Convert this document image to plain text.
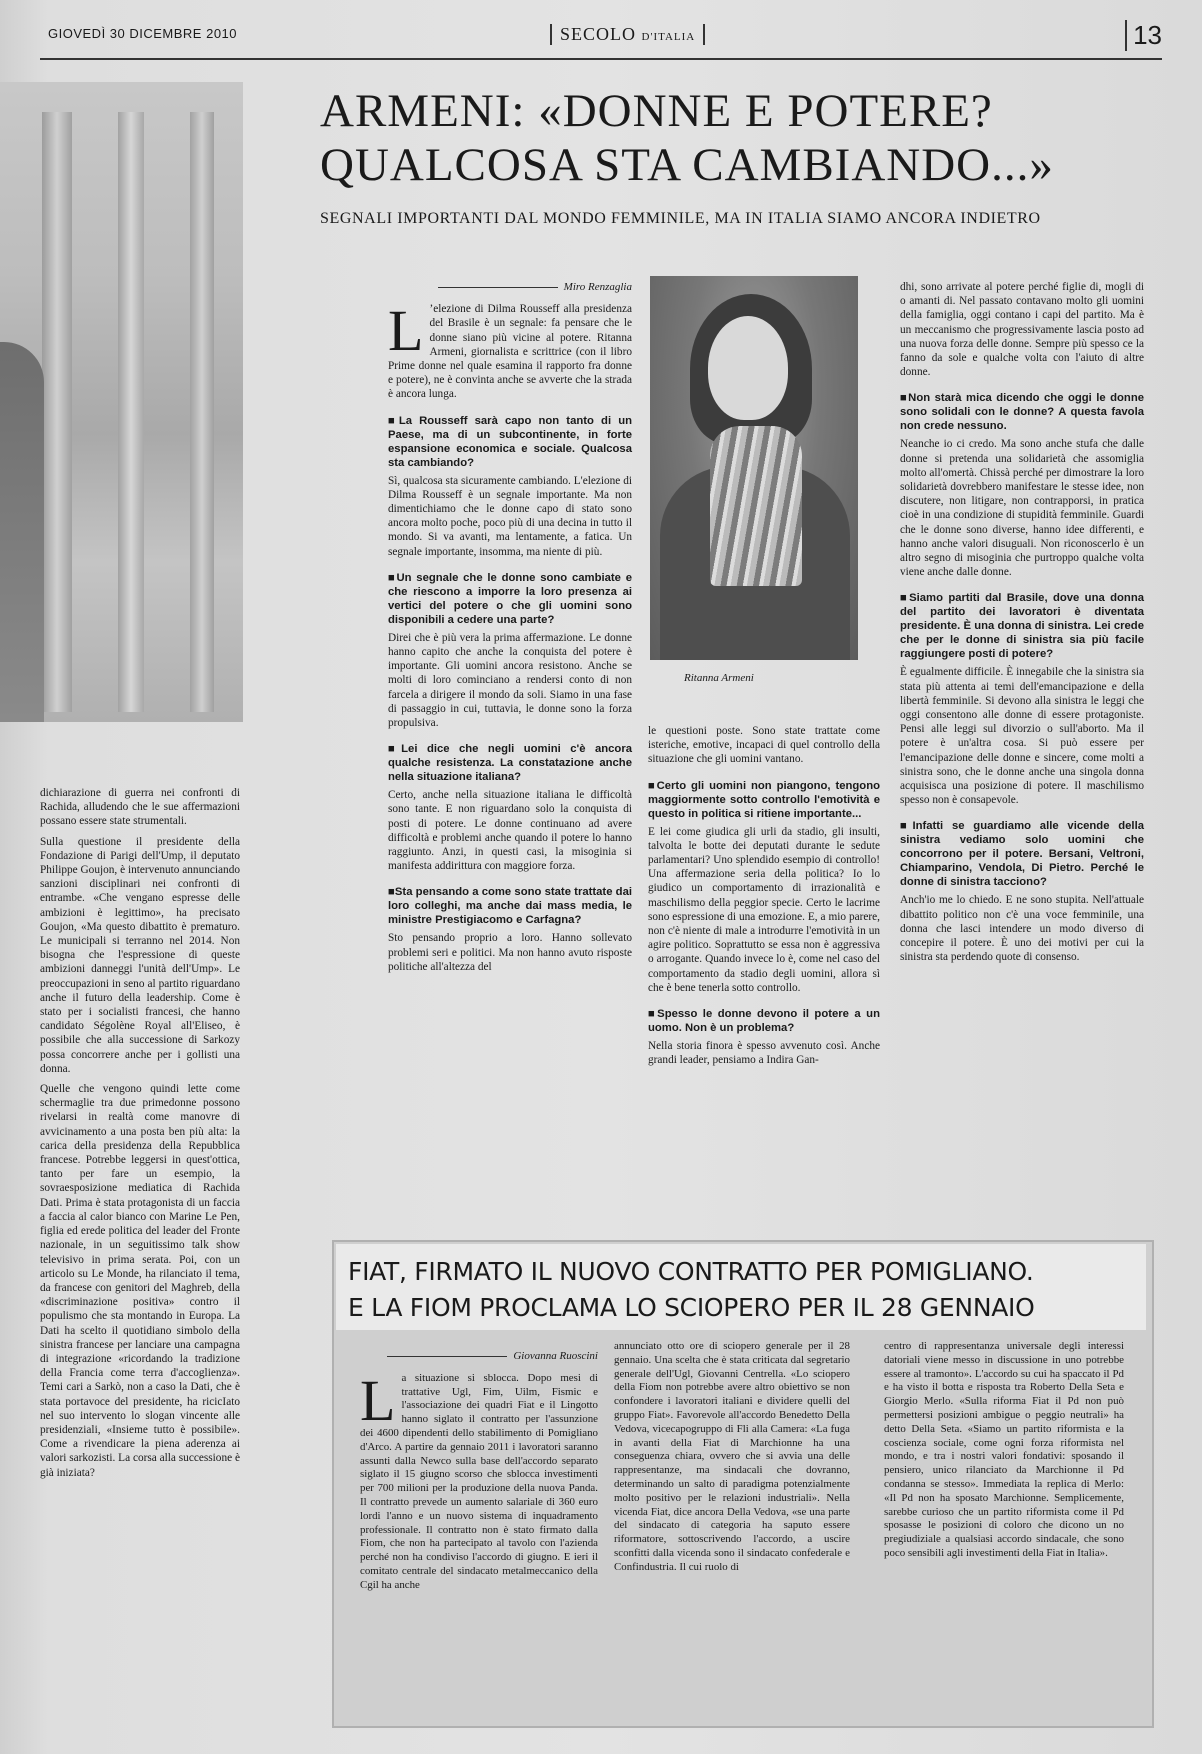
GIOVEDÌ 30 DICEMBRE 2010	SECOLO D'ITALIA	13
ARMENI: «DONNE E POTERE?
QUALCOSA STA CAMBIANDO...»
SEGNALI IMPORTANTI DAL MONDO FEMMINILE, MA IN ITALIA SIAMO ANCORA INDIETRO

dichiarazione di guerra nei confronti di Rachida, alludendo che le sue affermazioni possano essere state strumentali.

Sulla questione il presidente della Fondazione di Parigi dell'Ump, il deputato Philippe Goujon, è intervenuto annunciando sanzioni disciplinari nei confronti di entrambe. «Che vengano espresse delle ambizioni è legittimo», ha precisato Goujon, «Ma questo dibattito è prematuro. Le municipali si terranno nel 2014. Non bisogna che l'espressione di queste ambizioni danneggi l'unità dell'Ump». Le preoccupazioni in seno al partito riguardano anche il futuro della leadership. Come è stato per i socialisti francesi, che hanno candidato Ségolène Royal all'Eliseo, è possibile che alla successione di Sarkozy possa concorrere anche per i gollisti una donna.

Quelle che vengono quindi lette come schermaglie tra due primedonne possono rivelarsi in realtà come manovre di avvicinamento a una posta ben più alta: la carica della presidenza della Repubblica francese. Potrebbe leggersi in quest'ottica, tanto per fare un esempio, la sovraesposizione mediatica di Rachida Dati. Prima è stata protagonista di un faccia a faccia al calor bianco con Marine Le Pen, figlia ed erede politica del leader del Fronte nazionale, in un seguitissimo talk show televisivo in prima serata. Poi, con un articolo su Le Monde, ha rilanciato il tema, da francese con genitori del Maghreb, della «discriminazione positiva» contro il populismo che sta montando in Europa. La Dati ha scelto il quotidiano simbolo della sinistra francese per lanciare una campagna di integrazione «ricordando la tradizione della Francia come terra d'accoglienza». Temi cari a Sarkò, non a caso la Dati, che è stata portavoce del presidente, ha ricicIato nel suo intervento lo slogan vincente alle presidenziali, «Insieme tutto è possibile». Come a rivendicare la piena aderenza ai valori sarkozisti. La corsa alla successione è già iniziata?

Miro Renzaglia
L ’elezione di Dilma Rousseff alla presidenza del Brasile è un segnale: fa pensare che le donne siano più vicine al potere. Ritanna Armeni, giornalista e scrittrice (con il libro Prime donne nel quale esamina il rapporto fra donne e potere), ne è convinta anche se avverte che la strada è ancora lunga.

■ La Rousseff sarà capo non tanto di un Paese, ma di un subcontinente, in forte espansione economica e sociale. Qualcosa sta cambiando?

Sì, qualcosa sta sicuramente cambiando. L'elezione di Dilma Rousseff è un segnale importante. Ma non dimentichiamo che le donne capo di stato sono ancora molto poche, poco più di una decina in tutto il mondo. Si va avanti, ma lentamente, a fatica. Un segnale importante, insomma, ma niente di più.

■ Un segnale che le donne sono cambiate e che riescono a imporre la loro presenza ai vertici del potere o che gli uomini sono disponibili a cedere una parte?

Direi che è più vera la prima affermazione. Le donne hanno capito che anche la conquista del potere è importante. Gli uomini ancora resistono. Anche se molti di loro cominciano a rendersi conto di non farcela a dirigere il mondo da soli. Siamo in una fase di passaggio in cui, tuttavia, le donne sono la forza propulsiva.

■ Lei dice che negli uomini c'è ancora qualche resistenza. La constatazione anche nella situazione italiana?

Certo, anche nella situazione italiana le difficoltà sono tante. E non riguardano solo la conquista di posti di potere. Le donne continuano ad avere difficoltà e problemi anche quando il potere lo hanno raggiunto. Anzi, in questi casi, la misoginia si manifesta addirittura con maggiore forza.

■ Sta pensando a come sono state trattate dai loro colleghi, ma anche dai mass media, le ministre Prestigiacomo e Carfagna?

Sto pensando proprio a loro. Hanno sollevato problemi seri e politici. Ma non hanno avuto risposte politiche all'altezza del

Ritanna Armeni

le questioni poste. Sono state trattate come isteriche, emotive, incapaci di quel controllo della situazione che gli uomini vantano.

■ Certo gli uomini non piangono, tengono maggiormente sotto controllo l'emotività e questo in politica si ritiene importante...

E lei come giudica gli urli da stadio, gli insulti, talvolta le botte dei deputati durante le sedute parlamentari? Uno splendido esempio di controllo! Una affermazione seria della politica? Io lo giudico un comportamento di irrazionalità e maschilismo della peggior specie. Certo le lacrime sono espressione di una emozione. E, a mio parere, non c'è niente di male a introdurre l'emotività in un agire politico. Soprattutto se essa non è aggressiva o arrogante. Quando invece lo è, come nel caso del comportamento da stadio degli uomini, allora sì che è bene tenerla sotto controllo.

■ Spesso le donne devono il potere a un uomo. Non è un problema?

Nella storia finora è spesso avvenuto così. Anche grandi leader, pensiamo a Indira Gan-

dhi, sono arrivate al potere perché figlie di, mogli di o amanti di. Nel passato contavano molto gli uomini della famiglia, oggi contano i capi del partito. Ma è un meccanismo che progressivamente lascia posto ad una nuova forza delle donne. Sempre più spesso ce la fanno da sole e qualche volta con l'aiuto di altre donne.

■ Non starà mica dicendo che oggi le donne sono solidali con le donne? A questa favola non crede nessuno.

Neanche io ci credo. Ma sono anche stufa che dalle donne si pretenda una solidarietà che assomiglia molto all'omertà. Chissà perché per dimostrare la loro solidarietà dovrebbero manifestare le stesse idee, non discutere, non litigare, non contrapporsi, in pratica cioè in una condizione di stupidità femminile. Guardi che le donne sono diverse, hanno idee differenti, e hanno anche valori disuguali. Non riconoscerlo è un altro segno di misoginia che purtroppo qualche volta viene anche dalle donne.

■ Siamo partiti dal Brasile, dove una donna del partito dei lavoratori è diventata presidente. È una donna di sinistra. Lei crede che per le donne di sinistra sia più facile raggiungere posti di potere?

È egualmente difficile. È innegabile che la sinistra sia stata più attenta ai temi dell'emancipazione e della libertà femminile. Si devono alla sinistra le leggi che oggi consentono alle donne di essere protagoniste. Pensi alle leggi sul divorzio o sull'aborto. Ma il potere è un'altra cosa. Si può essere per l'emancipazione delle donne e sincere, come molti a sinistra sono, che le donne anche una singola donna acquisisca una posizione di potere. Il maschilismo spesso non è consapevole.

■ Infatti se guardiamo alle vicende della sinistra vediamo solo uomini che concorrono per il potere. Bersani, Veltroni, Chiamparino, Vendola, Di Pietro. Perché le donne di sinistra tacciono?

Anch'io me lo chiedo. E ne sono stupita. Nell'attuale dibattito politico non c'è una voce femminile, una donna che lasci intendere un modo diverso di concepire il potere. È uno dei motivi per cui la sinistra sta perdendo quote di consenso.

FIAT, FIRMATO IL NUOVO CONTRATTO PER POMIGLIANO.
E LA FIOM PROCLAMA LO SCIOPERO PER IL 28 GENNAIO
Giovanna Ruoscini
L a situazione si sblocca. Dopo mesi di trattative Ugl, Fim, Uilm, Fismic e l'associazione dei quadri Fiat e il Lingotto hanno siglato il contratto per l'assunzione dei 4600 dipendenti dello stabilimento di Pomigliano d'Arco. A partire da gennaio 2011 i lavoratori saranno assunti dalla Newco sulla base dell'accordo separato siglato il 15 giugno scorso che sblocca investimenti per 700 milioni per la produzione della nuova Panda. Il contratto prevede un aumento salariale di 360 euro lordi l'anno e un nuovo sistema di inquadramento professionale. Il contratto non è stato firmato dalla Fiom, che non ha partecipato al tavolo con l'azienda perché non ha condiviso l'accordo di giugno. E ieri il comitato centrale del sindacato metalmeccanico della Cgil ha anche

annunciato otto ore di sciopero generale per il 28 gennaio. Una scelta che è stata criticata dal segretario generale dell'Ugl, Giovanni Centrella. «Lo sciopero della Fiom non potrebbe avere altro obiettivo se non confondere i lavoratori italiani e dividere quelli del gruppo Fiat». Favorevole all'accordo Benedetto Della Vedova, vicecapogruppo di Fli alla Camera: «La fuga in avanti della Fiat di Marchionne ha una conseguenza chiara, ovvero che si avvia una delle rappresentanze, ma sindacali che dovranno, determinando un salto di paradigma potenzialmente molto positivo per le relazioni industriali». Nella vicenda Fiat, dice ancora Della Vedova, «se una parte del sindacato di categoria ha saputo essere riformatore, sottoscrivendo l'accordo, a uscire sconfitti dalla vicenda sono il sindacato confederale e Confindustria. Il cui ruolo di

centro di rappresentanza universale degli interessi datoriali viene messo in discussione in uno potrebbe essere al tramonto». L'accordo su cui ha spaccato il Pd e ha visto il botta e risposta tra Roberto Della Seta e Giorgio Merlo. «Sulla riforma Fiat il Pd non può permettersi posizioni ambigue o peggio neutrali» ha detto Della Seta. «Siamo un partito riformista e la coscienza sociale, come ogni forza riformista nel mondo, e tra i nostri valori fondativi: sposando il pensiero, unico rilanciato da Marchionne il Pd condanna se stesso». Immediata la replica di Merlo: «Il Pd non ha sposato Marchionne. Semplicemente, sarebbe curioso che un partito riformista come il Pd sposasse le posizioni di coloro che dicono un no pregiudiziale a qualsiasi accordo sindacale, che sono poco sensibili agli investimenti della Fiat in Italia».
